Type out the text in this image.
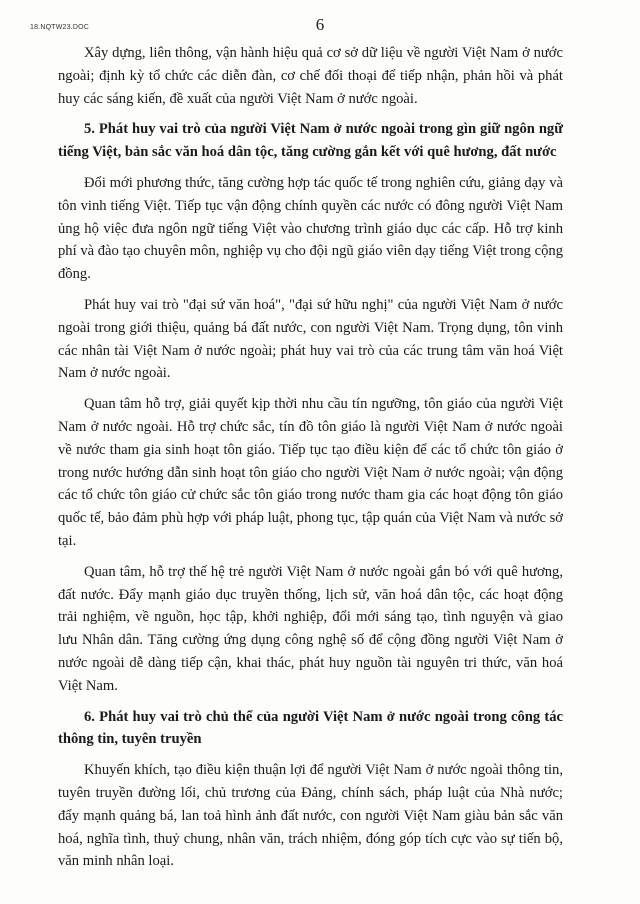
18.NQTW23.DOC	6

Xây dựng, liên thông, vận hành hiệu quả cơ sở dữ liệu về người Việt Nam ở nước ngoài; định kỳ tổ chức các diễn đàn, cơ chế đối thoại để tiếp nhận, phản hồi và phát huy các sáng kiến, đề xuất của người Việt Nam ở nước ngoài.

5. Phát huy vai trò của người Việt Nam ở nước ngoài trong gìn giữ ngôn ngữ tiếng Việt, bản sắc văn hoá dân tộc, tăng cường gắn kết với quê hương, đất nước

Đổi mới phương thức, tăng cường hợp tác quốc tế trong nghiên cứu, giảng dạy và tôn vinh tiếng Việt. Tiếp tục vận động chính quyền các nước có đông người Việt Nam ủng hộ việc đưa ngôn ngữ tiếng Việt vào chương trình giáo dục các cấp. Hỗ trợ kinh phí và đào tạo chuyên môn, nghiệp vụ cho đội ngũ giáo viên dạy tiếng Việt trong cộng đồng.

Phát huy vai trò "đại sứ văn hoá", "đại sứ hữu nghị" của người Việt Nam ở nước ngoài trong giới thiệu, quảng bá đất nước, con người Việt Nam. Trọng dụng, tôn vinh các nhân tài Việt Nam ở nước ngoài; phát huy vai trò của các trung tâm văn hoá Việt Nam ở nước ngoài.

Quan tâm hỗ trợ, giải quyết kịp thời nhu cầu tín ngưỡng, tôn giáo của người Việt Nam ở nước ngoài. Hỗ trợ chức sắc, tín đồ tôn giáo là người Việt Nam ở nước ngoài về nước tham gia sinh hoạt tôn giáo. Tiếp tục tạo điều kiện để các tổ chức tôn giáo ở trong nước hướng dẫn sinh hoạt tôn giáo cho người Việt Nam ở nước ngoài; vận động các tổ chức tôn giáo cử chức sắc tôn giáo trong nước tham gia các hoạt động tôn giáo quốc tế, bảo đảm phù hợp với pháp luật, phong tục, tập quán của Việt Nam và nước sở tại.

Quan tâm, hỗ trợ thế hệ trẻ người Việt Nam ở nước ngoài gắn bó với quê hương, đất nước. Đẩy mạnh giáo dục truyền thống, lịch sử, văn hoá dân tộc, các hoạt động trải nghiệm, về nguồn, học tập, khởi nghiệp, đổi mới sáng tạo, tình nguyện và giao lưu Nhân dân. Tăng cường ứng dụng công nghệ số để cộng đồng người Việt Nam ở nước ngoài dễ dàng tiếp cận, khai thác, phát huy nguồn tài nguyên tri thức, văn hoá Việt Nam.

6. Phát huy vai trò chủ thể của người Việt Nam ở nước ngoài trong công tác thông tin, tuyên truyền

Khuyến khích, tạo điều kiện thuận lợi để người Việt Nam ở nước ngoài thông tin, tuyên truyền đường lối, chủ trương của Đảng, chính sách, pháp luật của Nhà nước; đẩy mạnh quảng bá, lan toả hình ảnh đất nước, con người Việt Nam giàu bản sắc văn hoá, nghĩa tình, thuỷ chung, nhân văn, trách nhiệm, đóng góp tích cực vào sự tiến bộ, văn minh nhân loại.
